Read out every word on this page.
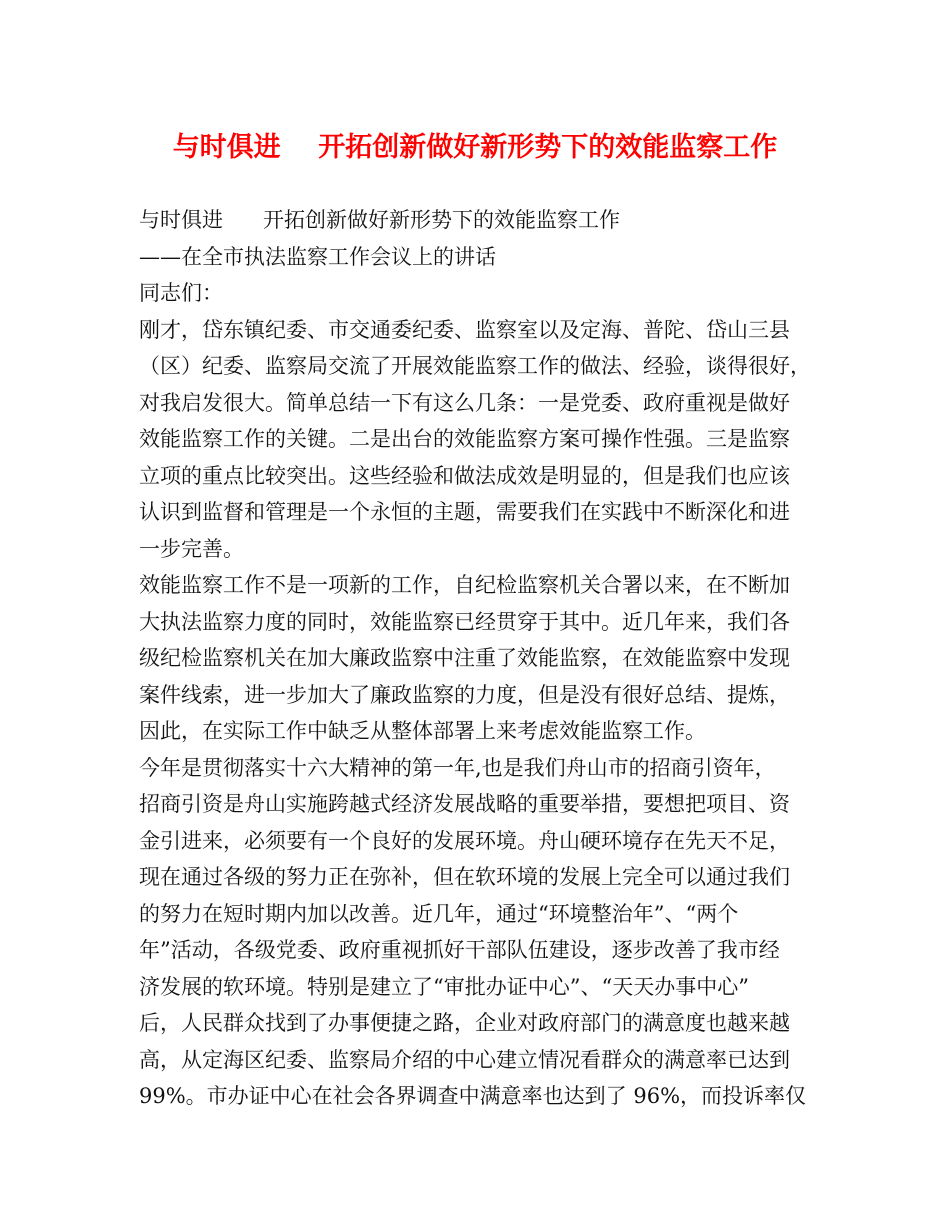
与时俱进    开拓创新做好新形势下的效能监察工作
与时俱进      开拓创新做好新形势下的效能监察工作
——在全市执法监察工作会议上的讲话
同志们：
刚才，岱东镇纪委、市交通委纪委、监察室以及定海、普陀、岱山三县
（区）纪委、监察局交流了开展效能监察工作的做法、经验，谈得很好，
对我启发很大。简单总结一下有这么几条：一是党委、政府重视是做好
效能监察工作的关键。二是出台的效能监察方案可操作性强。三是监察
立项的重点比较突出。这些经验和做法成效是明显的，但是我们也应该
认识到监督和管理是一个永恒的主题，需要我们在实践中不断深化和进
一步完善。
效能监察工作不是一项新的工作，自纪检监察机关合署以来，在不断加
大执法监察力度的同时，效能监察已经贯穿于其中。近几年来，我们各
级纪检监察机关在加大廉政监察中注重了效能监察，在效能监察中发现
案件线索，进一步加大了廉政监察的力度，但是没有很好总结、提炼，
因此，在实际工作中缺乏从整体部署上来考虑效能监察工作。
今年是贯彻落实十六大精神的第一年,也是我们舟山市的招商引资年，
招商引资是舟山实施跨越式经济发展战略的重要举措，要想把项目、资
金引进来，必须要有一个良好的发展环境。舟山硬环境存在先天不足，
现在通过各级的努力正在弥补，但在软环境的发展上完全可以通过我们
的努力在短时期内加以改善。近几年，通过“环境整治年”、“两个
年”活动，各级党委、政府重视抓好干部队伍建设，逐步改善了我市经
济发展的软环境。特别是建立了“审批办证中心”、“天天办事中心”
后，人民群众找到了办事便捷之路，企业对政府部门的满意度也越来越
高，从定海区纪委、监察局介绍的中心建立情况看群众的满意率已达到
99%。市办证中心在社会各界调查中满意率也达到了 96%，而投诉率仅
